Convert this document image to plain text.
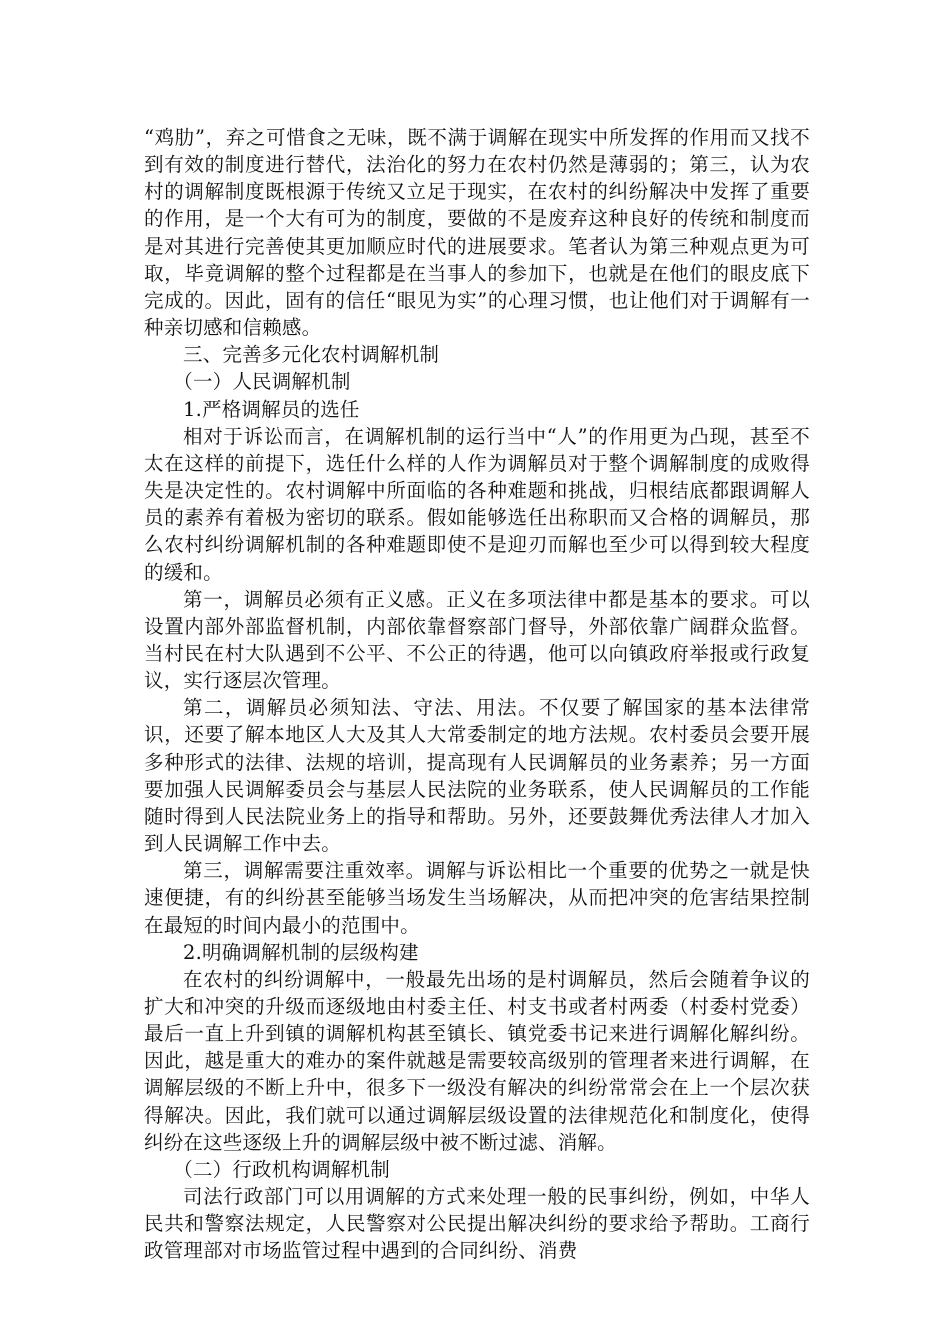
“鸡肋”，弃之可惜食之无味，既不满于调解在现实中所发挥的作用而又找不到有效的制度进行替代，法治化的努力在农村仍然是薄弱的；第三，认为农村的调解制度既根源于传统又立足于现实，在农村的纠纷解决中发挥了重要的作用，是一个大有可为的制度，要做的不是废弃这种良好的传统和制度而是对其进行完善使其更加顺应时代的进展要求。笔者认为第三种观点更为可取，毕竟调解的整个过程都是在当事人的参加下，也就是在他们的眼皮底下完成的。因此，固有的信任“眼见为实”的心理习惯，也让他们对于调解有一种亲切感和信赖感。

三、完善多元化农村调解机制

（一）人民调解机制

1.严格调解员的选任

相对于诉讼而言，在调解机制的运行当中“人”的作用更为凸现，甚至不太在这样的前提下，选任什么样的人作为调解员对于整个调解制度的成败得失是决定性的。农村调解中所面临的各种难题和挑战，归根结底都跟调解人员的素养有着极为密切的联系。假如能够选任出称职而又合格的调解员，那么农村纠纷调解机制的各种难题即使不是迎刃而解也至少可以得到较大程度的缓和。

第一，调解员必须有正义感。正义在多项法律中都是基本的要求。可以设置内部外部监督机制，内部依靠督察部门督导，外部依靠广阔群众监督。当村民在村大队遇到不公平、不公正的待遇，他可以向镇政府举报或行政复议，实行逐层次管理。

第二，调解员必须知法、守法、用法。不仅要了解国家的基本法律常识，还要了解本地区人大及其人大常委制定的地方法规。农村委员会要开展多种形式的法律、法规的培训，提高现有人民调解员的业务素养；另一方面要加强人民调解委员会与基层人民法院的业务联系，使人民调解员的工作能随时得到人民法院业务上的指导和帮助。另外，还要鼓舞优秀法律人才加入到人民调解工作中去。

第三，调解需要注重效率。调解与诉讼相比一个重要的优势之一就是快速便捷，有的纠纷甚至能够当场发生当场解决，从而把冲突的危害结果控制在最短的时间内最小的范围中。

2.明确调解机制的层级构建

在农村的纠纷调解中，一般最先出场的是村调解员，然后会随着争议的扩大和冲突的升级而逐级地由村委主任、村支书或者村两委（村委村党委）最后一直上升到镇的调解机构甚至镇长、镇党委书记来进行调解化解纠纷。因此，越是重大的难办的案件就越是需要较高级别的管理者来进行调解，在调解层级的不断上升中，很多下一级没有解决的纠纷常常会在上一个层次获得解决。因此，我们就可以通过调解层级设置的法律规范化和制度化，使得纠纷在这些逐级上升的调解层级中被不断过滤、消解。

（二）行政机构调解机制

司法行政部门可以用调解的方式来处理一般的民事纠纷，例如，中华人民共和警察法规定，人民警察对公民提出解决纠纷的要求给予帮助。工商行政管理部对市场监管过程中遇到的合同纠纷、消费
